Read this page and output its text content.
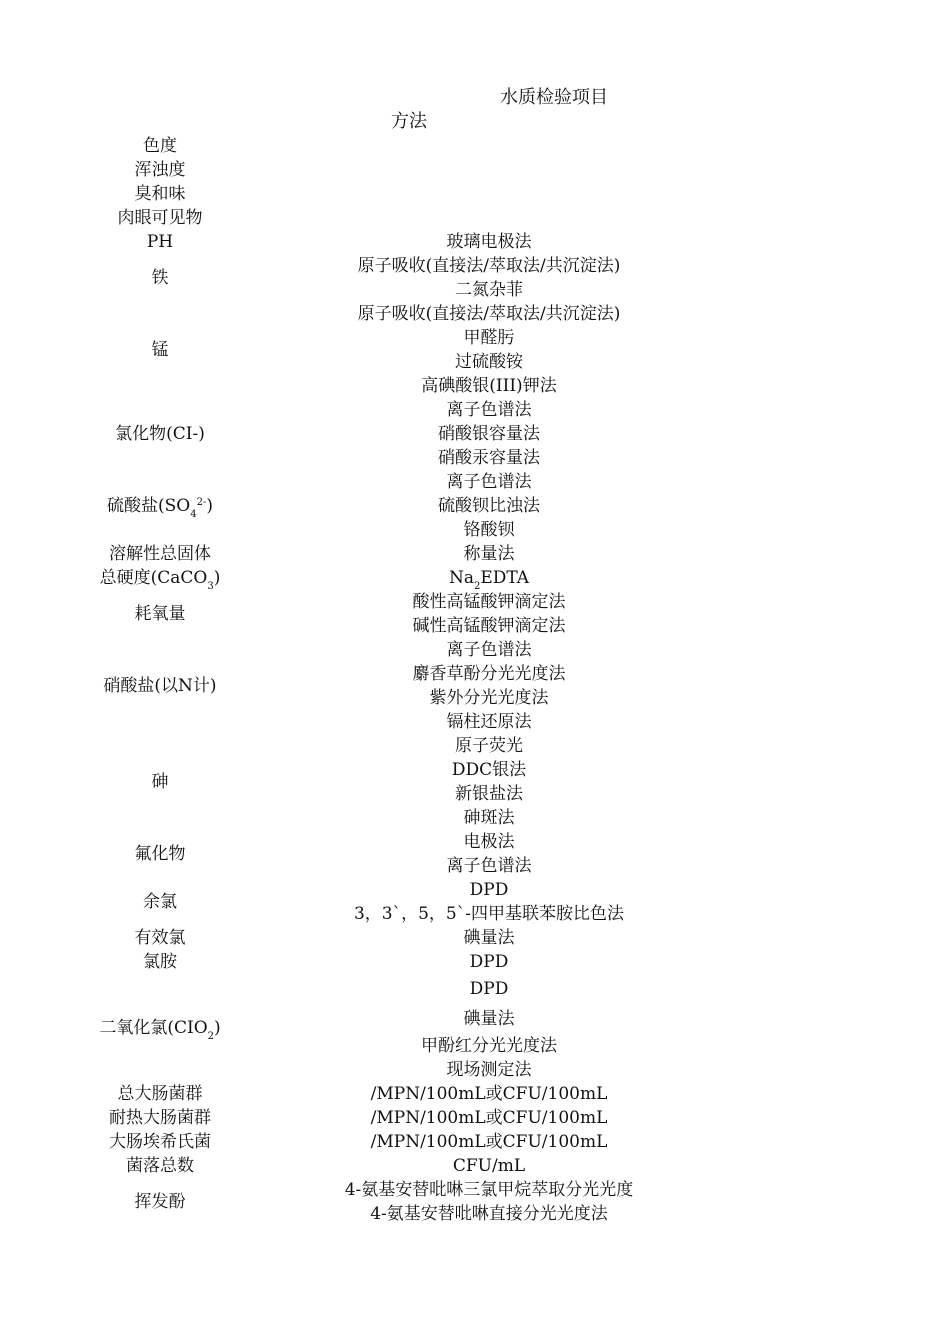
水质检验项目
方法
色度	
浑浊度	
臭和味	
肉眼可见物	
PH	玻璃电极法
铁	原子吸收(直接法/萃取法/共沉淀法)
	二氮杂菲
锰	原子吸收(直接法/萃取法/共沉淀法)
	甲醛肟
	过硫酸铵
	高碘酸银(III)钾法
氯化物(CI-)	离子色谱法
	硝酸银容量法
	硝酸汞容量法
硫酸盐$(SO_4^{2-})$	离子色谱法
	硫酸钡比浊法
	铬酸钡
溶解性总固体	称量法
总硬度(CaCO$_3$)	$Na_2EDTA$
耗氧量	酸性高锰酸钾滴定法
	碱性高锰酸钾滴定法
硝酸盐(以N计)	离子色谱法
	麝香草酚分光光度法
	紫外分光光度法
	镉柱还原法
砷	原子荧光
	DDC银法
	新银盐法
	砷斑法
氟化物	电极法
	离子色谱法
余氯	DPD
	3，3`，5，5`-四甲基联苯胺比色法
有效氯	碘量法
氯胺	DPD
二氧化氯$(CIO_2)$	DPD
	碘量法
	甲酚红分光光度法
	现场测定法
总大肠菌群	/MPN/100mL或CFU/100mL
耐热大肠菌群	/MPN/100mL或CFU/100mL
大肠埃希氏菌	/MPN/100mL或CFU/100mL
菌落总数	CFU/mL
挥发酚	4-氨基安替吡啉三氯甲烷萃取分光光度
	4-氨基安替吡啉直接分光光度法
